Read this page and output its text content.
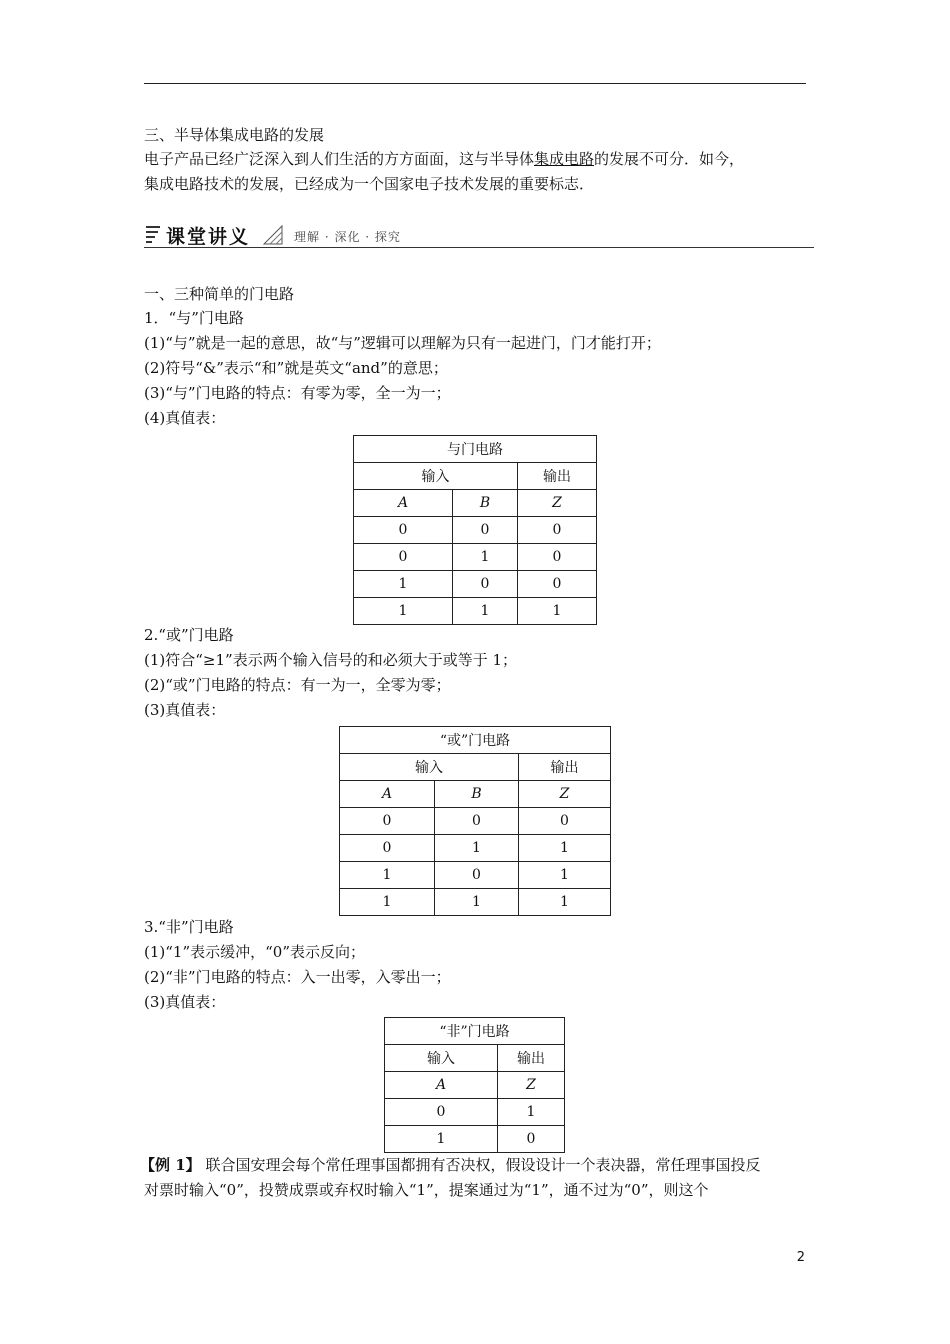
三、半导体集成电路的发展
电子产品已经广泛深入到人们生活的方方面面，这与半导体集成电路的发展不可分．如今，
集成电路技术的发展，已经成为一个国家电子技术发展的重要标志．
课堂讲义	理解 · 深化 · 探究
一、三种简单的门电路
1．“与”门电路
(1)“与”就是一起的意思，故“与”逻辑可以理解为只有一起进门，门才能打开；
(2)符号“&”表示“和”就是英文“and”的意思；
(3)“与”门电路的特点：有零为零，全一为一；
(4)真值表：
与门电路		
输入		输出
A	B	Z
0	0	0
0	1	0
1	0	0
1	1	1
2.“或”门电路
(1)符合“≥1”表示两个输入信号的和必须大于或等于 1；
(2)“或”门电路的特点：有一为一，全零为零；
(3)真值表：
“或”门电路		
输入		输出
A	B	Z
0	0	0
0	1	1
1	0	1
1	1	1
3.“非”门电路
(1)“1”表示缓冲，“0”表示反向；
(2)“非”门电路的特点：入一出零，入零出一；
(3)真值表：
“非”门电路	
输入	输出
A	Z
0	1
1	0
【例 1】 联合国安理会每个常任理事国都拥有否决权，假设设计一个表决器，常任理事国投反
对票时输入“0”，投赞成票或弃权时输入“1”，提案通过为“1”，通不过为“0”，则这个
2
